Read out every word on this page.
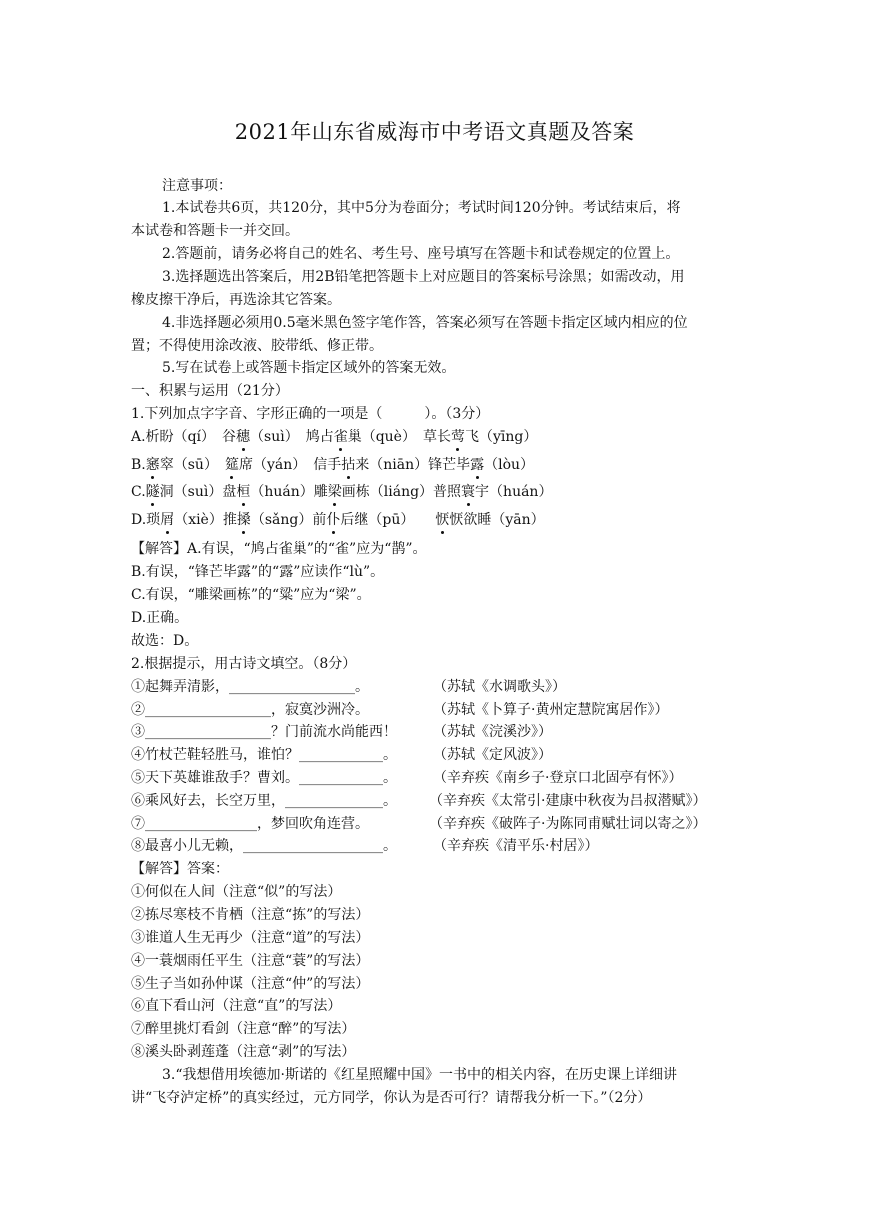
2021年山东省威海市中考语文真题及答案
注意事项：
1.本试卷共6页，共120分，其中5分为卷面分；考试时间120分钟。考试结束后，将
本试卷和答题卡一并交回。
2.答题前，请务必将自己的姓名、考生号、座号填写在答题卡和试卷规定的位置上。
3.选择题选出答案后，用2B铅笔把答题卡上对应题目的答案标号涂黑；如需改动，用
橡皮擦干净后，再选涂其它答案。
4.非选择题必须用0.5毫米黑色签字笔作答，答案必须写在答题卡指定区域内相应的位
置；不得使用涂改液、胶带纸、修正带。
5.写在试卷上或答题卡指定区域外的答案无效。
一、积累与运用（21分）
1.下列加点字字音、字形正确的一项是（　　　）。（3分）
A.析盼（qí）　谷穗（suì）　鸠占雀巢（què）　草长莺飞（yīng）
B.窸窣（sū）　筵席（yán）　信手拈来（niān）锋芒毕露（lòu）
C.隧洞（suì）盘桓（huán）雕梁画栋（liáng）普照寰宇（huán）
D.琐屑（xiè）推搡（sǎng）前仆后继（pū）　　恹恹欲睡（yān）
【解答】A.有误，“鸠占雀巢”的“雀”应为“鹊”。
B.有误，“锋芒毕露”的“露”应读作“lù”。
C.有误，“雕梁画栋”的“粱”应为“梁”。
D.正确。
故选：D。
2.根据提示，用古诗文填空。（8分）
①起舞弄清影，__________________。	（苏轼《水调歌头》）
②__________________，寂寞沙洲冷。	（苏轼《卜算子·黄州定慧院寓居作》）
③__________________？门前流水尚能西！	（苏轼《浣溪沙》）
④竹杖芒鞋轻胜马，谁怕？____________。	（苏轼《定风波》）
⑤天下英雄谁敌手？曹刘。____________。	（辛弃疾《南乡子·登京口北固亭有怀》）
⑥乘风好去，长空万里，______________。 （辛弃疾《太常引·建康中秋夜为吕叔潜赋》）
⑦________________，梦回吹角连营。	（辛弃疾《破阵子·为陈同甫赋壮词以寄之》）
⑧最喜小儿无赖，____________________。	（辛弃疾《清平乐·村居》）
【解答】答案：
①何似在人间（注意“似”的写法）
②拣尽寒枝不肯栖（注意“拣”的写法）
③谁道人生无再少（注意“道”的写法）
④一蓑烟雨任平生（注意“蓑”的写法）
⑤生子当如孙仲谋（注意“仲”的写法）
⑥直下看山河（注意“直”的写法）
⑦醉里挑灯看剑（注意“醉”的写法）
⑧溪头卧剥莲蓬（注意“剥”的写法）
3.“我想借用埃德加·斯诺的《红星照耀中国》一书中的相关内容，在历史课上详细讲
讲“飞夺泸定桥”的真实经过，元方同学，你认为是否可行？请帮我分析一下。”（2分）
